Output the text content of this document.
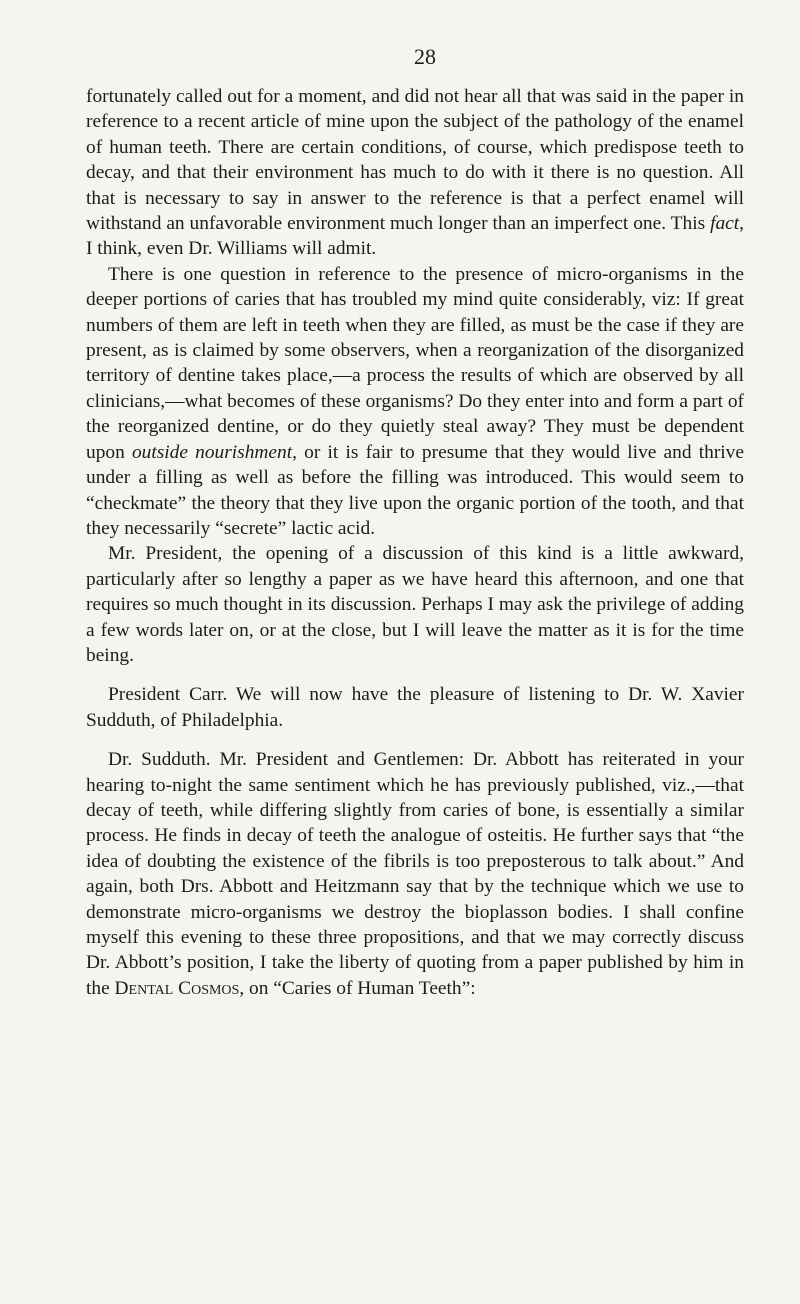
28

fortunately called out for a moment, and did not hear all that was said in the paper in reference to a recent article of mine upon the subject of the pathology of the enamel of human teeth. There are certain conditions, of course, which predispose teeth to decay, and that their environment has much to do with it there is no question. All that is necessary to say in answer to the reference is that a perfect enamel will withstand an unfavorable environment much longer than an imperfect one. This fact, I think, even Dr. Williams will admit.

There is one question in reference to the presence of micro-organisms in the deeper portions of caries that has troubled my mind quite considerably, viz: If great numbers of them are left in teeth when they are filled, as must be the case if they are present, as is claimed by some observers, when a reorganization of the disorganized territory of dentine takes place,—a process the results of which are observed by all clinicians,—what becomes of these organisms? Do they enter into and form a part of the reorganized dentine, or do they quietly steal away? They must be dependent upon outside nourishment, or it is fair to presume that they would live and thrive under a filling as well as before the filling was introduced. This would seem to “checkmate” the theory that they live upon the organic portion of the tooth, and that they necessarily “secrete” lactic acid.

Mr. President, the opening of a discussion of this kind is a little awkward, particularly after so lengthy a paper as we have heard this afternoon, and one that requires so much thought in its discussion. Perhaps I may ask the privilege of adding a few words later on, or at the close, but I will leave the matter as it is for the time being.

President Carr. We will now have the pleasure of listening to Dr. W. Xavier Sudduth, of Philadelphia.

Dr. Sudduth. Mr. President and Gentlemen: Dr. Abbott has reiterated in your hearing to-night the same sentiment which he has previously published, viz.,—that decay of teeth, while differing slightly from caries of bone, is essentially a similar process. He finds in decay of teeth the analogue of osteitis. He further says that “the idea of doubting the existence of the fibrils is too preposterous to talk about.” And again, both Drs. Abbott and Heitzmann say that by the technique which we use to demonstrate micro-organisms we destroy the bioplasson bodies. I shall confine myself this evening to these three propositions, and that we may correctly discuss Dr. Abbott’s position, I take the liberty of quoting from a paper published by him in the Dental Cosmos, on “Caries of Human Teeth”:
